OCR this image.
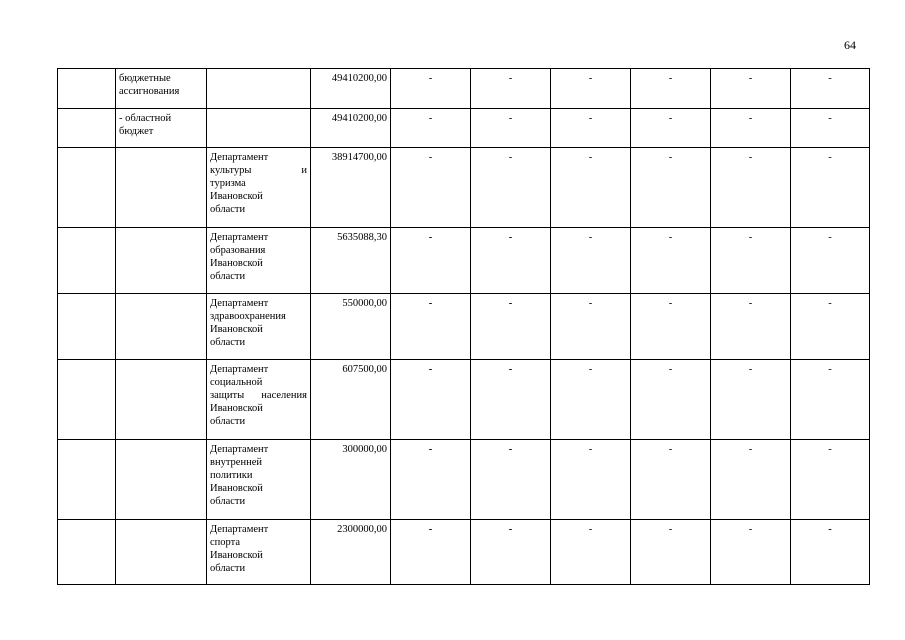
64

	бюджетные
ассигнования		49410200,00	-	-	-	-	-	-

	- областной
бюджет		49410200,00	-	-	-	-	-	-

		Департамент
культуры и
туризма
Ивановской
области	38914700,00	-	-	-	-	-	-

		Департамент
образования
Ивановской
области	5635088,30	-	-	-	-	-	-

		Департамент
здравоохранения
Ивановской
области	550000,00	-	-	-	-	-	-

		Департамент
социальной
защиты населения
Ивановской
области	607500,00	-	-	-	-	-	-

		Департамент
внутренней
политики
Ивановской
области	300000,00	-	-	-	-	-	-

		Департамент
спорта
Ивановской
области	2300000,00	-	-	-	-	-	-
